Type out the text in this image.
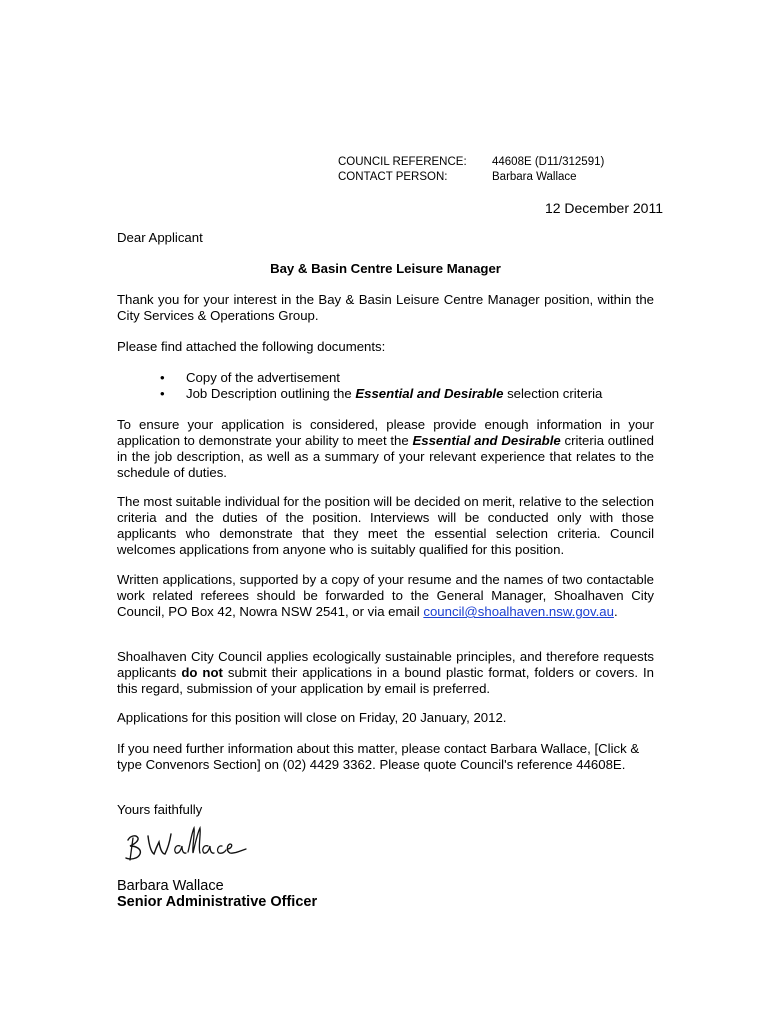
COUNCIL REFERENCE:	44608E (D11/312591)
CONTACT PERSON:	Barbara Wallace
12 December 2011
Dear Applicant
Bay & Basin Centre Leisure Manager

Thank you for your interest in the Bay & Basin Leisure Centre Manager position, within the City Services & Operations Group.

Please find attached the following documents:

• Copy of the advertisement
• Job Description outlining the Essential and Desirable selection criteria

To ensure your application is considered, please provide enough information in your application to demonstrate your ability to meet the Essential and Desirable criteria outlined in the job description, as well as a summary of your relevant experience that relates to the schedule of duties.

The most suitable individual for the position will be decided on merit, relative to the selection criteria and the duties of the position. Interviews will be conducted only with those applicants who demonstrate that they meet the essential selection criteria. Council welcomes applications from anyone who is suitably qualified for this position.

Written applications, supported by a copy of your resume and the names of two contactable work related referees should be forwarded to the General Manager, Shoalhaven City Council, PO Box 42, Nowra NSW 2541, or via email council@shoalhaven.nsw.gov.au.

Shoalhaven City Council applies ecologically sustainable principles, and therefore requests applicants do not submit their applications in a bound plastic format, folders or covers. In this regard, submission of your application by email is preferred.

Applications for this position will close on Friday, 20 January, 2012.

If you need further information about this matter, please contact Barbara Wallace, [Click & type Convenors Section] on (02) 4429 3362. Please quote Council's reference 44608E.

Yours faithfully

Barbara Wallace
Senior Administrative Officer
